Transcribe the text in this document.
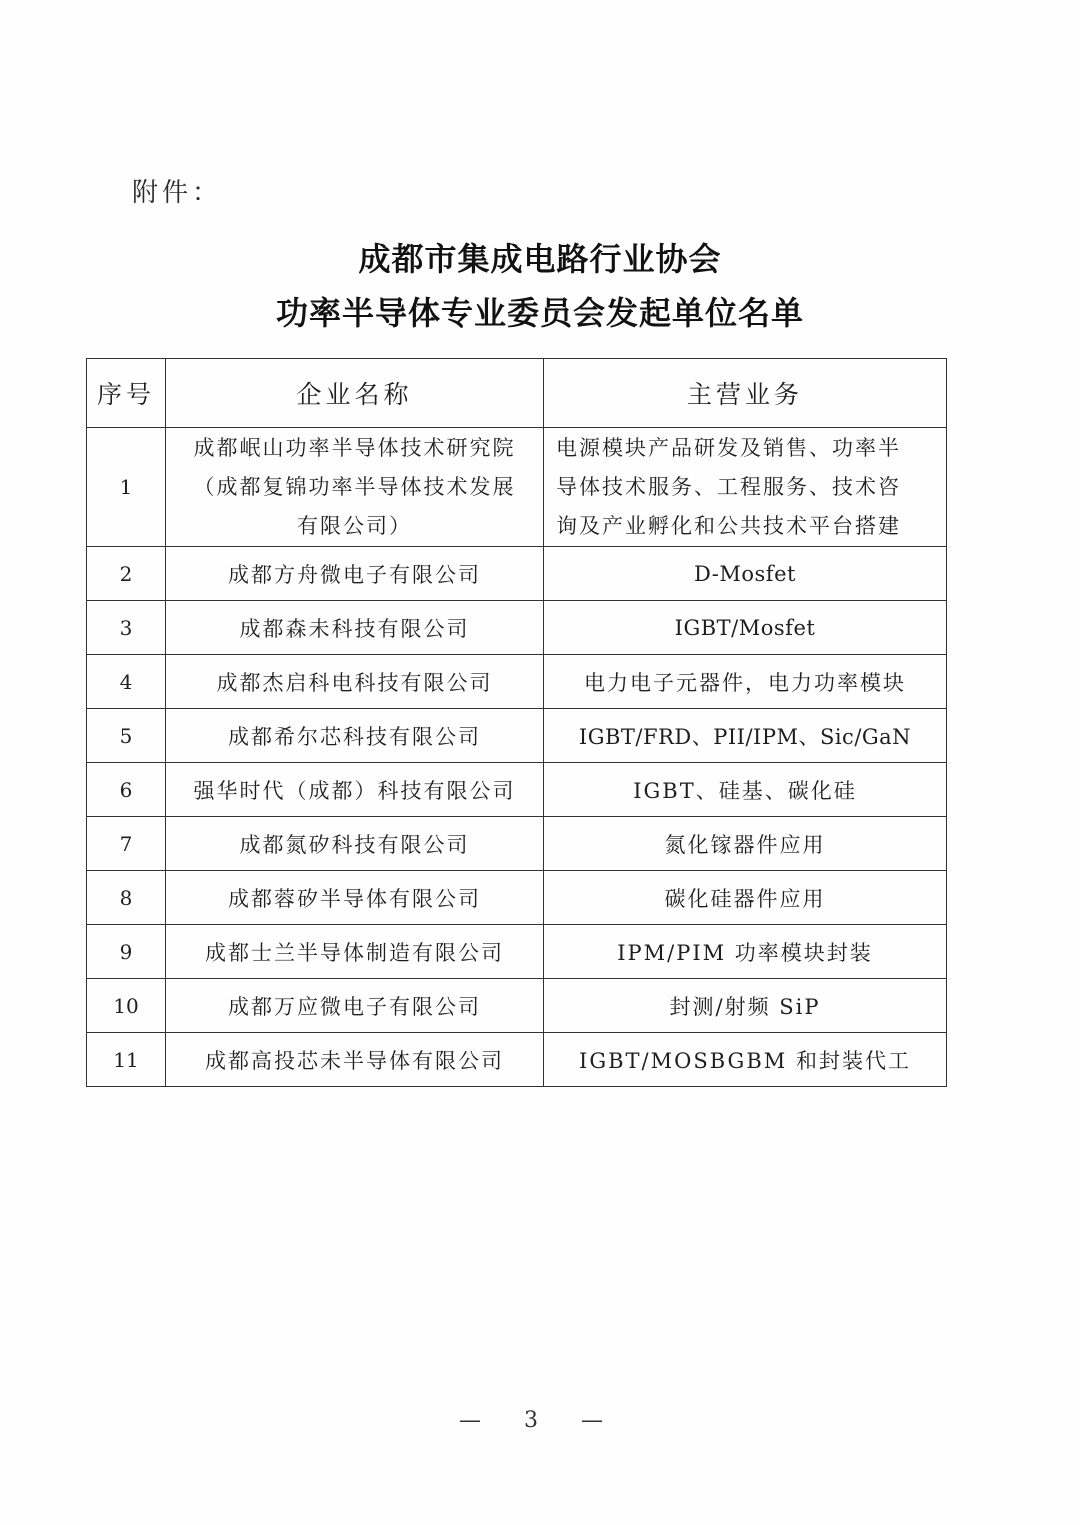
附件：
成都市集成电路行业协会
功率半导体专业委员会发起单位名单
序号	企业名称	主营业务
1	成都岷山功率半导体技术研究院
（成都复锦功率半导体技术发展
有限公司）	电源模块产品研发及销售、功率半
导体技术服务、工程服务、技术咨
询及产业孵化和公共技术平台搭建

2	成都方舟微电子有限公司	D-Mosfet
3	成都森未科技有限公司	IGBT/Mosfet
4	成都杰启科电科技有限公司	电力电子元器件，电力功率模块
5	成都希尔芯科技有限公司	IGBT/FRD、PII/IPM、Sic/GaN
6	强华时代（成都）科技有限公司	IGBT、硅基、碳化硅
7	成都氮矽科技有限公司	氮化镓器件应用
8	成都蓉矽半导体有限公司	碳化硅器件应用
9	成都士兰半导体制造有限公司	IPM/PIM 功率模块封装
10	成都万应微电子有限公司	封测/射频 SiP
11	成都高投芯未半导体有限公司	IGBT/MOSBGBM 和封装代工
— 3 —
